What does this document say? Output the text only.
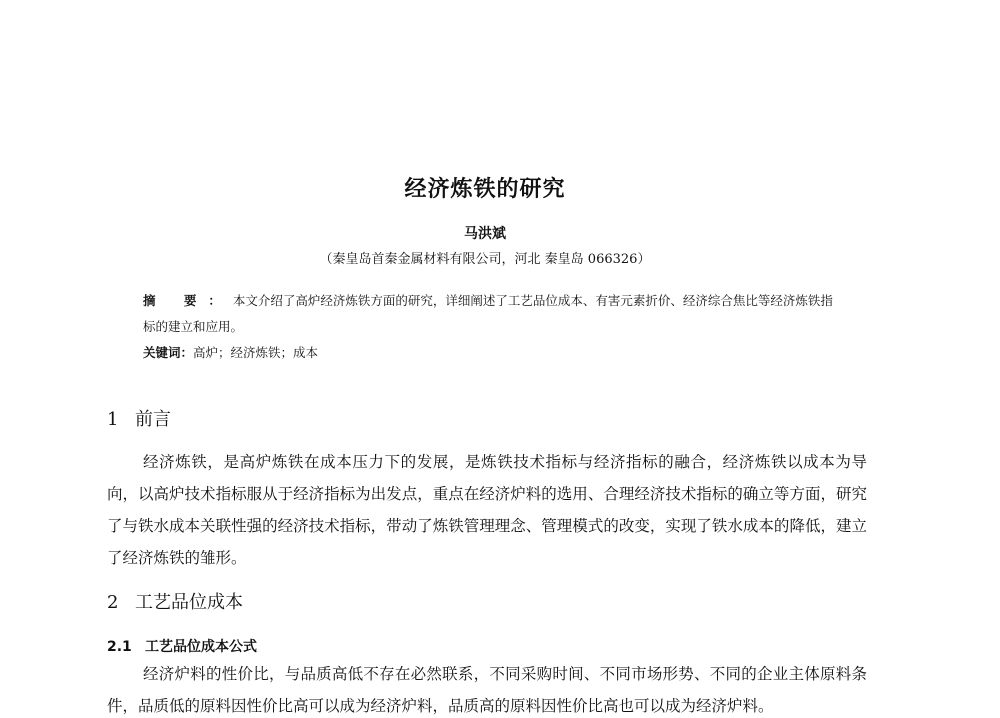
经济炼铁的研究
马洪斌
（秦皇岛首秦金属材料有限公司，河北 秦皇岛 066326）
摘 要：本文介绍了高炉经济炼铁方面的研究，详细阐述了工艺品位成本、有害元素折价、经济综合焦比等经济炼铁指标的建立和应用。
关键词：高炉；经济炼铁；成本
1 前言
经济炼铁，是高炉炼铁在成本压力下的发展，是炼铁技术指标与经济指标的融合，经济炼铁以成本为导向，以高炉技术指标服从于经济指标为出发点，重点在经济炉料的选用、合理经济技术指标的确立等方面，研究了与铁水成本关联性强的经济技术指标，带动了炼铁管理理念、管理模式的改变，实现了铁水成本的降低，建立了经济炼铁的雏形。
2 工艺品位成本
2.1 工艺品位成本公式
经济炉料的性价比，与品质高低不存在必然联系，不同采购时间、不同市场形势、不同的企业主体原料条件，品质低的原料因性价比高可以成为经济炉料，品质高的原料因性价比高也可以成为经济炉料。
